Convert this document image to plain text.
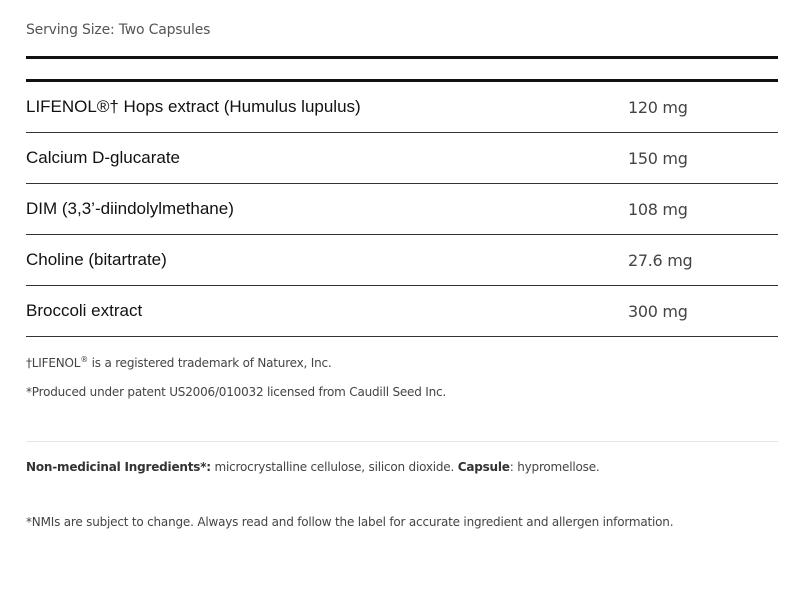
Serving Size: Two Capsules
LIFENOL®† Hops extract (Humulus lupulus)	120 mg
Calcium D-glucarate	150 mg
DIM (3,3’-diindolylmethane)	108 mg
Choline (bitartrate)	27.6 mg
Broccoli extract	300 mg
†LIFENOL® is a registered trademark of Naturex, Inc.
*Produced under patent US2006/010032 licensed from Caudill Seed Inc.
Non-medicinal Ingredients*: microcrystalline cellulose, silicon dioxide. Capsule: hypromellose.
*NMIs are subject to change. Always read and follow the label for accurate ingredient and allergen information.
